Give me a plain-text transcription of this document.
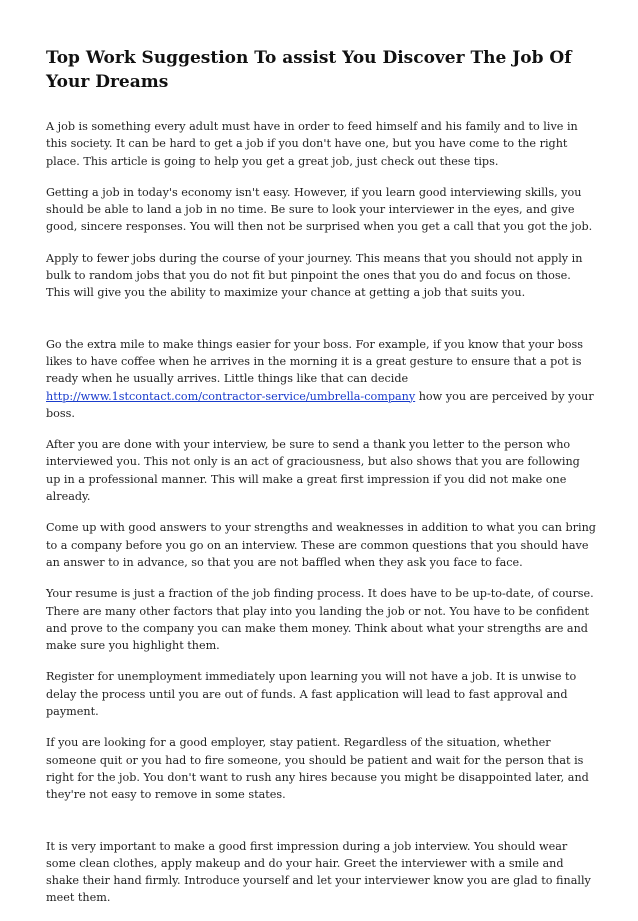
Top Work Suggestion To assist You Discover The Job Of Your Dreams

A job is something every adult must have in order to feed himself and his family and to live in this society. It can be hard to get a job if you don't have one, but you have come to the right place. This article is going to help you get a great job, just check out these tips.

Getting a job in today's economy isn't easy. However, if you learn good interviewing skills, you should be able to land a job in no time. Be sure to look your interviewer in the eyes, and give good, sincere responses. You will then not be surprised when you get a call that you got the job.

Apply to fewer jobs during the course of your journey. This means that you should not apply in bulk to random jobs that you do not fit but pinpoint the ones that you do and focus on those. This will give you the ability to maximize your chance at getting a job that suits you.

Go the extra mile to make things easier for your boss. For example, if you know that your boss likes to have coffee when he arrives in the morning it is a great gesture to ensure that a pot is ready when he usually arrives. Little things like that can decide http://www.1stcontact.com/contractor-service/umbrella-company how you are perceived by your boss.

After you are done with your interview, be sure to send a thank you letter to the person who interviewed you. This not only is an act of graciousness, but also shows that you are following up in a professional manner. This will make a great first impression if you did not make one already.

Come up with good answers to your strengths and weaknesses in addition to what you can bring to a company before you go on an interview. These are common questions that you should have an answer to in advance, so that you are not baffled when they ask you face to face.

Your resume is just a fraction of the job finding process. It does have to be up-to-date, of course. There are many other factors that play into you landing the job or not. You have to be confident and prove to the company you can make them money. Think about what your strengths are and make sure you highlight them.

Register for unemployment immediately upon learning you will not have a job. It is unwise to delay the process until you are out of funds. A fast application will lead to fast approval and payment.

If you are looking for a good employer, stay patient. Regardless of the situation, whether someone quit or you had to fire someone, you should be patient and wait for the person that is right for the job. You don't want to rush any hires because you might be disappointed later, and they're not easy to remove in some states.

It is very important to make a good first impression during a job interview. You should wear some clean clothes, apply makeup and do your hair. Greet the interviewer with a smile and shake their hand firmly. Introduce yourself and let your interviewer know you are glad to finally meet them.
